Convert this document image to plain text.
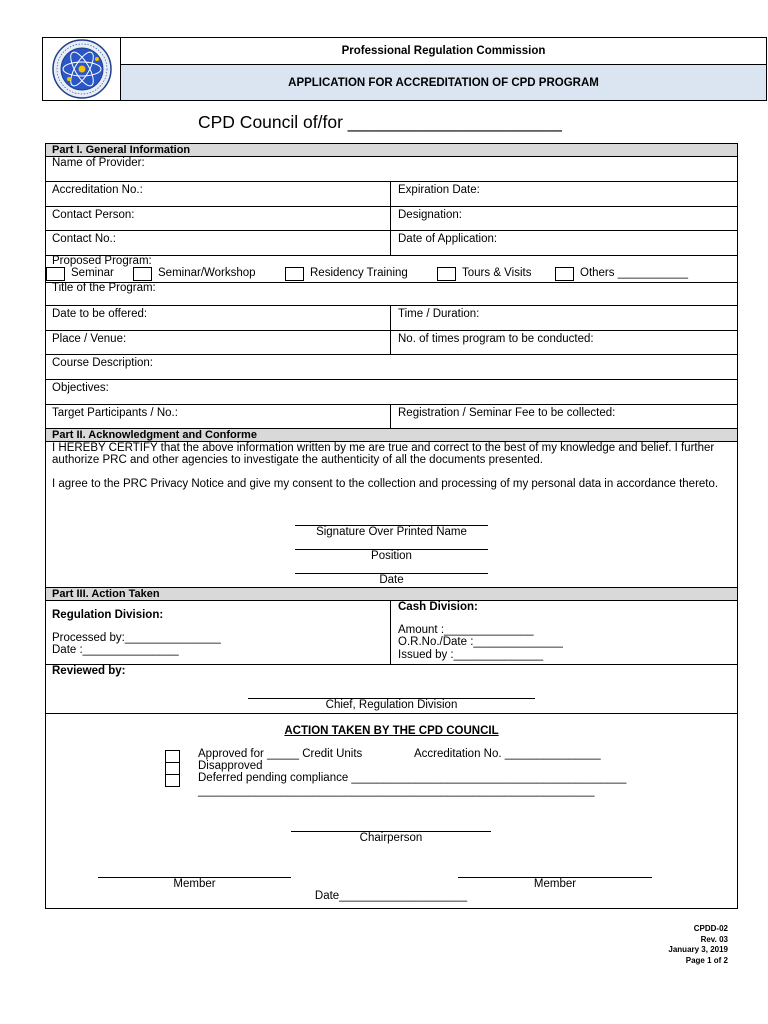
Professional Regulation Commission
APPLICATION FOR ACCREDITATION OF CPD PROGRAM
CPD Council of/for ______________________
Part I. General Information
Name of Provider:
Accreditation No.:	Expiration Date:
Contact Person:	Designation:
Contact No.:	Date of Application:
Proposed Program:
Seminar	Seminar/Workshop	Residency Training	Tours & Visits	Others ___________
Title of the Program:
Date to be offered:	Time / Duration:
Place / Venue:	No. of times program to be conducted:
Course Description:
Objectives:
Target Participants / No.:	Registration / Seminar Fee to be collected:
Part II. Acknowledgment and Conforme
I HEREBY CERTIFY that the above information written by me are true and correct to the best of my knowledge and belief. I further
authorize PRC and other agencies to investigate the authenticity of all the documents presented.
I agree to the PRC Privacy Notice and give my consent to the collection and processing of my personal data in accordance thereto.
Signature Over Printed Name
Position
Date
Part III. Action Taken
Regulation Division:
Processed by:_______________
Date :_______________
Cash Division:
Amount :______________
O.R.No./Date :______________
Issued by :______________
Reviewed by:
Chief, Regulation Division
ACTION TAKEN BY THE CPD COUNCIL
Approved for _____ Credit Units	Accreditation No. _______________
Disapproved
Deferred pending compliance ___________________________________________
______________________________________________________________
Chairperson
Member	Member
Date____________________
CPDD-02
Rev. 03
January 3, 2019
Page 1 of 2
